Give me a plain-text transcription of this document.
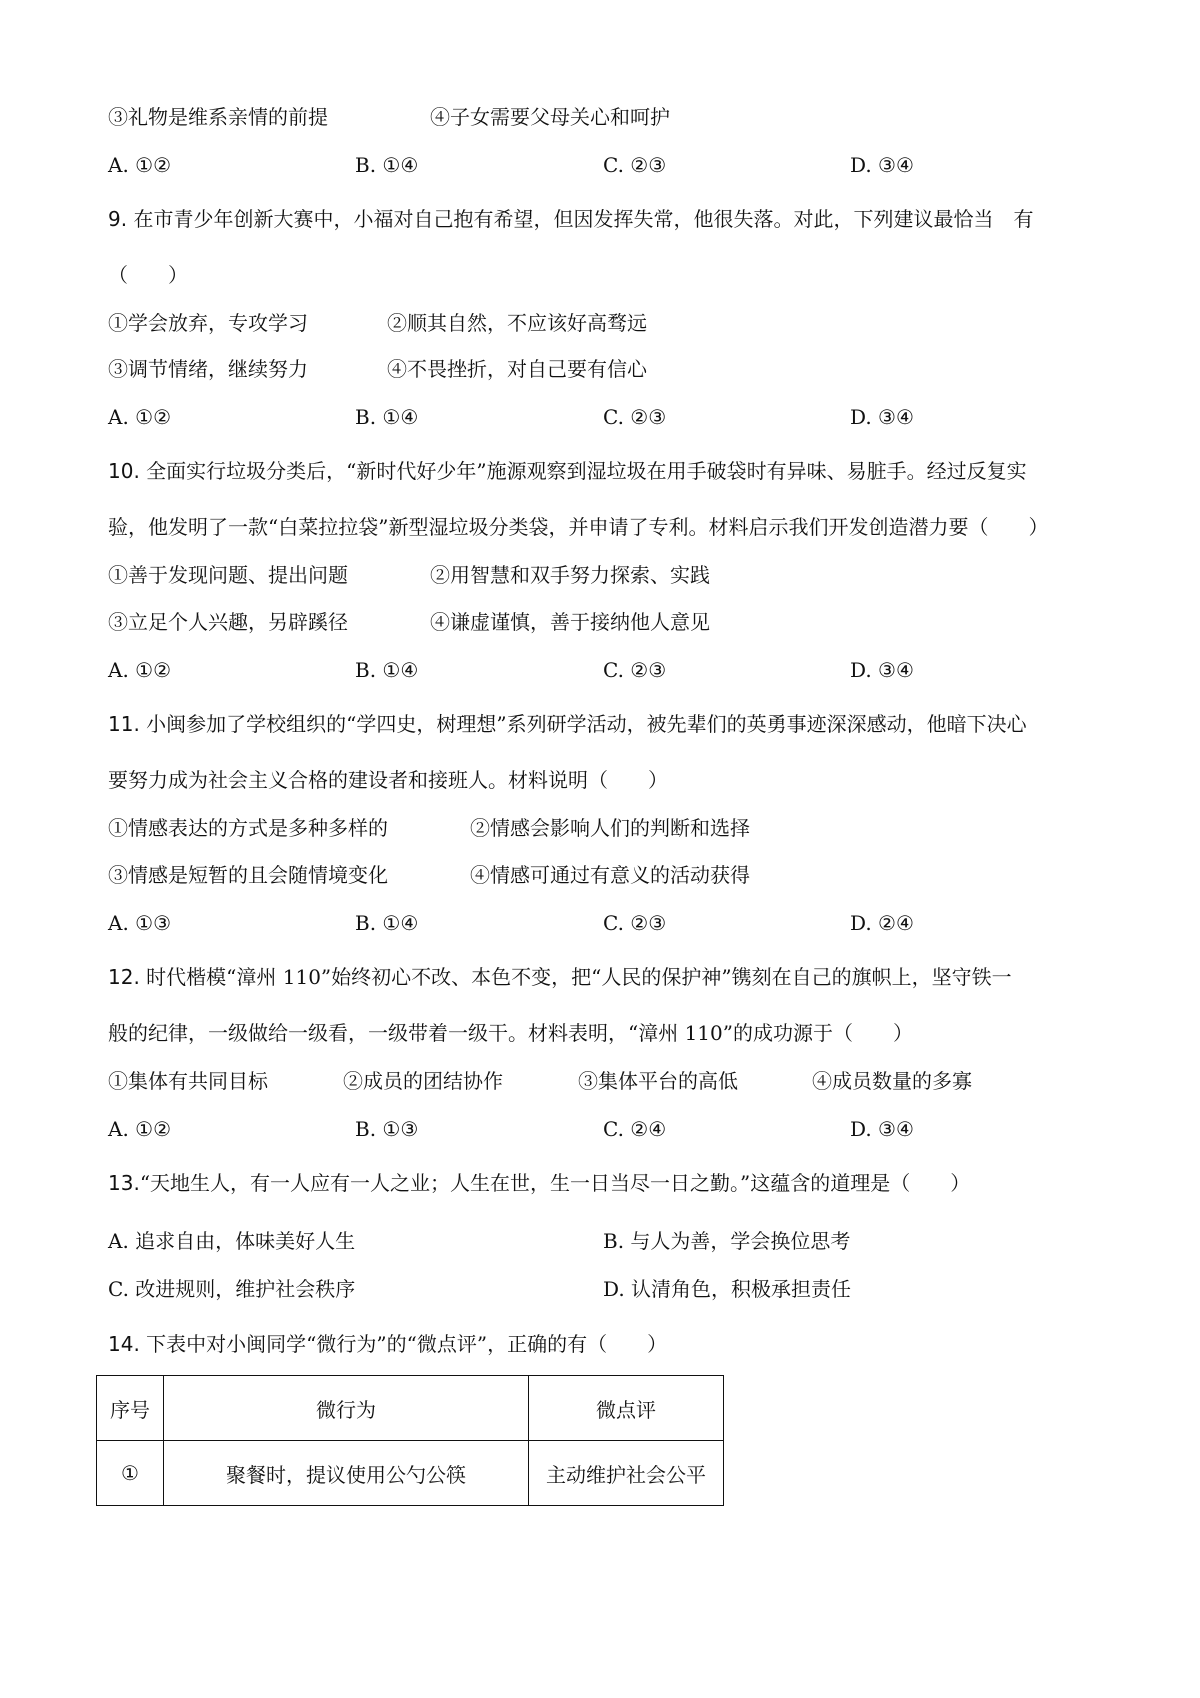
③礼物是维系亲情的前提	④子女需要父母关心和呵护
A. ①②	B. ①④	C. ②③	D. ③④
9. 在市青少年创新大赛中，小福对自己抱有希望，但因发挥失常，他很失落。对此，下列建议最恰当　有
（　　）
①学会放弃，专攻学习	②顺其自然，不应该好高骛远
③调节情绪，继续努力	④不畏挫折，对自己要有信心
A. ①②	B. ①④	C. ②③	D. ③④
10. 全面实行垃圾分类后，“新时代好少年”施源观察到湿垃圾在用手破袋时有异味、易脏手。经过反复实
验，他发明了一款“白菜拉拉袋”新型湿垃圾分类袋，并申请了专利。材料启示我们开发创造潜力要（　　）
①善于发现问题、提出问题	②用智慧和双手努力探索、实践
③立足个人兴趣，另辟蹊径	④谦虚谨慎，善于接纳他人意见
A. ①②	B. ①④	C. ②③	D. ③④
11. 小闽参加了学校组织的“学四史，树理想”系列研学活动，被先辈们的英勇事迹深深感动，他暗下决心
要努力成为社会主义合格的建设者和接班人。材料说明（　　）
①情感表达的方式是多种多样的	②情感会影响人们的判断和选择
③情感是短暂的且会随情境变化	④情感可通过有意义的活动获得
A. ①③	B. ①④	C. ②③	D. ②④
12. 时代楷模“漳州 110”始终初心不改、本色不变，把“人民的保护神”镌刻在自己的旗帜上，坚守铁一
般的纪律，一级做给一级看，一级带着一级干。材料表明，“漳州 110”的成功源于（　　）
①集体有共同目标	②成员的团结协作	③集体平台的高低	④成员数量的多寡
A. ①②	B. ①③	C. ②④	D. ③④
13.“天地生人，有一人应有一人之业；人生在世，生一日当尽一日之勤。”这蕴含的道理是（　　）
A. 追求自由，体味美好人生	B. 与人为善，学会换位思考
C. 改进规则，维护社会秩序	D. 认清角色，积极承担责任
14. 下表中对小闽同学“微行为”的“微点评”，正确的有（　　）
序号	微行为	微点评
①	聚餐时，提议使用公勺公筷	主动维护社会公平
